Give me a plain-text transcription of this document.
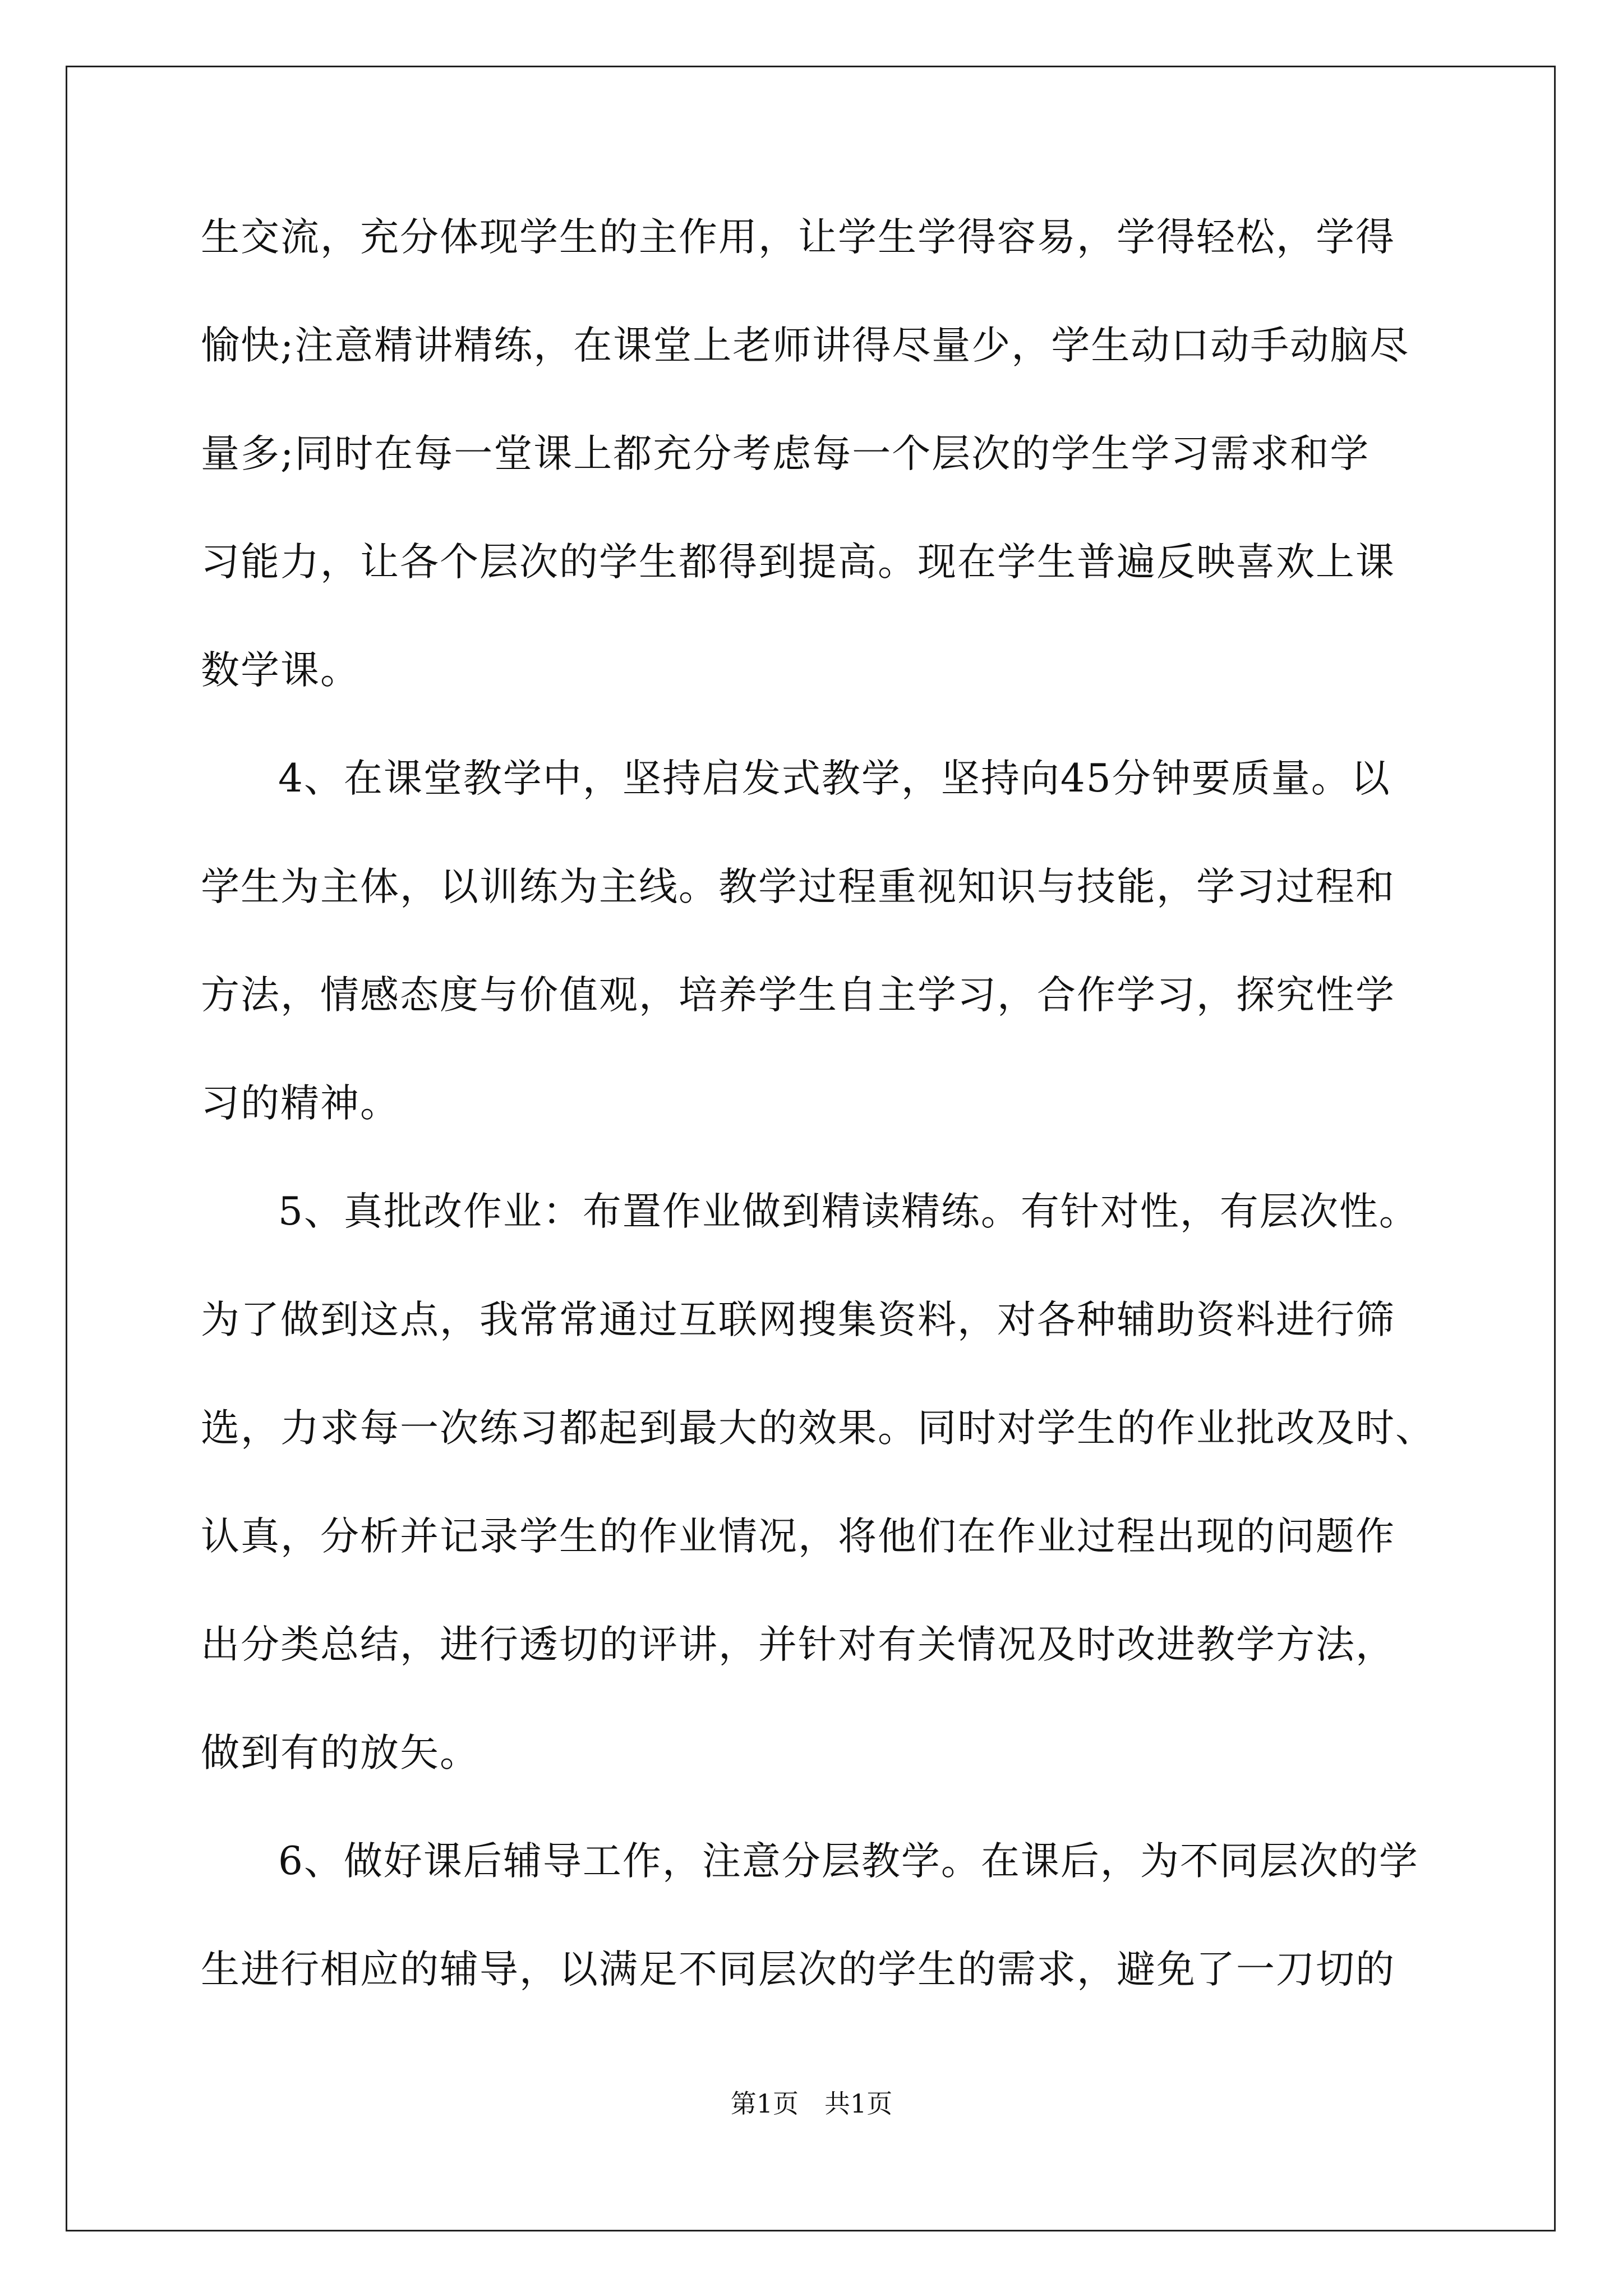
生交流，充分体现学生的主作用，让学生学得容易，学得轻松，学得
愉快;注意精讲精练，在课堂上老师讲得尽量少，学生动口动手动脑尽
量多;同时在每一堂课上都充分考虑每一个层次的学生学习需求和学
习能力，让各个层次的学生都得到提高。现在学生普遍反映喜欢上课
数学课。
4、在课堂教学中，坚持启发式教学，坚持向45分钟要质量。以
学生为主体，以训练为主线。教学过程重视知识与技能，学习过程和
方法，情感态度与价值观，培养学生自主学习，合作学习，探究性学
习的精神。
5、真批改作业：布置作业做到精读精练。有针对性，有层次性。
为了做到这点，我常常通过互联网搜集资料，对各种辅助资料进行筛
选，力求每一次练习都起到最大的效果。同时对学生的作业批改及时、
认真，分析并记录学生的作业情况，将他们在作业过程出现的问题作
出分类总结，进行透切的评讲，并针对有关情况及时改进教学方法，
做到有的放矢。
6、做好课后辅导工作，注意分层教学。在课后，为不同层次的学
生进行相应的辅导，以满足不同层次的学生的需求，避免了一刀切的
第1页　共1页
